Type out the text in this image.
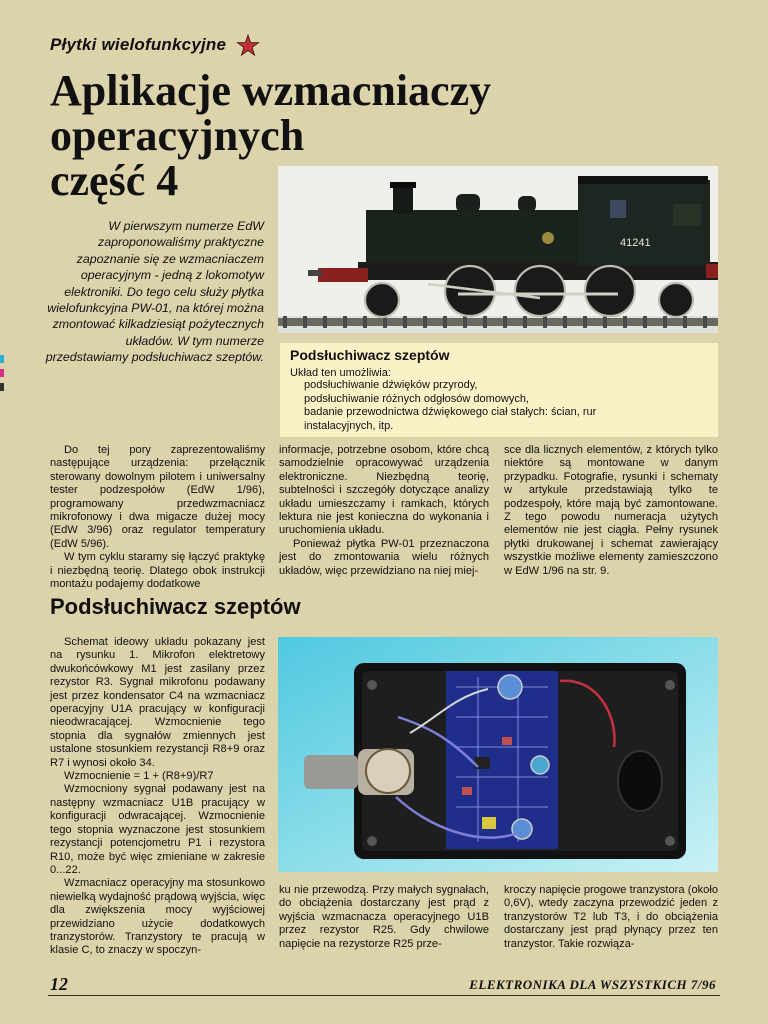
Płytki wielofunkcyjne
Aplikacje wzmacniaczy
operacyjnych
część 4

W pierwszym numerze EdW zaproponowaliśmy praktyczne zapoznanie się ze wzmacniaczem operacyjnym - jedną z lokomotyw elektroniki. Do tego celu służy płytka wielofunkcyjna PW-01, na której można zmontować kilkadziesiąt pożytecznych układów. W tym numerze przedstawiamy podsłuchiwacz szeptów.

41241
Podsłuchiwacz szeptów

Układ ten umożliwia:

podsłuchiwanie dźwięków przyrody,
podsłuchiwanie różnych odgłosów domowych,
badanie przewodnictwa dźwiękowego ciał stałych: ścian, rur
instalacyjnych, itp.

Do tej pory zaprezentowaliśmy następujące urządzenia: przełącznik sterowany dowolnym pilotem i uniwersalny tester podzespołów (EdW 1/96), programowany przedwzmacniacz mikrofonowy i dwa migacze dużej mocy (EdW 3/96) oraz regulator temperatury (EdW 5/96).

W tym cyklu staramy się łączyć praktykę i niezbędną teorię. Dlatego obok instrukcji montażu podajemy dodatkowe

informacje, potrzebne osobom, które chcą samodzielnie opracowywać urządzenia elektroniczne. Niezbędną teorię, subtelności i szczegóły dotyczące analizy układu umieszczamy i ramkach, których lektura nie jest konieczna do wykonania i uruchomienia układu.

Ponieważ płytka PW-01 przeznaczona jest do zmontowania wielu różnych układów, więc przewidziano na niej miej-

sce dla licznych elementów, z których tylko niektóre są montowane w danym przypadku. Fotografie, rysunki i schematy w artykule przedstawiają tylko te podzespoły, które mają być zamontowane. Z tego powodu numeracja użytych elementów nie jest ciągła. Pełny rysunek płytki drukowanej i schemat zawierający wszystkie możliwe elementy zamieszczono w EdW 1/96 na str. 9.

Podsłuchiwacz szeptów

Schemat ideowy układu pokazany jest na rysunku 1. Mikrofon elektretowy dwukońcówkowy M1 jest zasilany przez rezystor R3. Sygnał mikrofonu podawany jest przez kondensator C4 na wzmacniacz operacyjny U1A pracujący w konfiguracji nieodwracającej. Wzmocnienie tego stopnia dla sygnałów zmiennych jest ustalone stosunkiem rezystancji R8+9 oraz R7 i wynosi około 34.

Wzmocnienie = 1 + (R8+9)/R7

Wzmocniony sygnał podawany jest na następny wzmacniacz U1B pracujący w konfiguracji odwracającej. Wzmocnienie tego stopnia wyznaczone jest stosunkiem rezystancji potencjometru P1 i rezystora R10, może być więc zmieniane w zakresie 0...22.

Wzmacniacz operacyjny ma stosunkowo niewielką wydajność prądową wyjścia, więc dla zwiększenia mocy wyjściowej przewidziano użycie dodatkowych tranzystorów. Tranzystory te pracują w klasie C, to znaczy w spoczyn-

ku nie przewodzą. Przy małych sygnałach, do obciążenia dostarczany jest prąd z wyjścia wzmacnacza operacyjnego U1B przez rezystor R25. Gdy chwilowe napięcie na rezystorze R25 prze-

kroczy napięcie progowe tranzystora (około 0,6V), wtedy zaczyna przewodzić jeden z tranzystorów T2 lub T3, i do obciążenia dostarczany jest prąd płynący przez ten tranzystor. Takie rozwiąza-

12	ELEKTRONIKA DLA WSZYSTKICH 7/96
